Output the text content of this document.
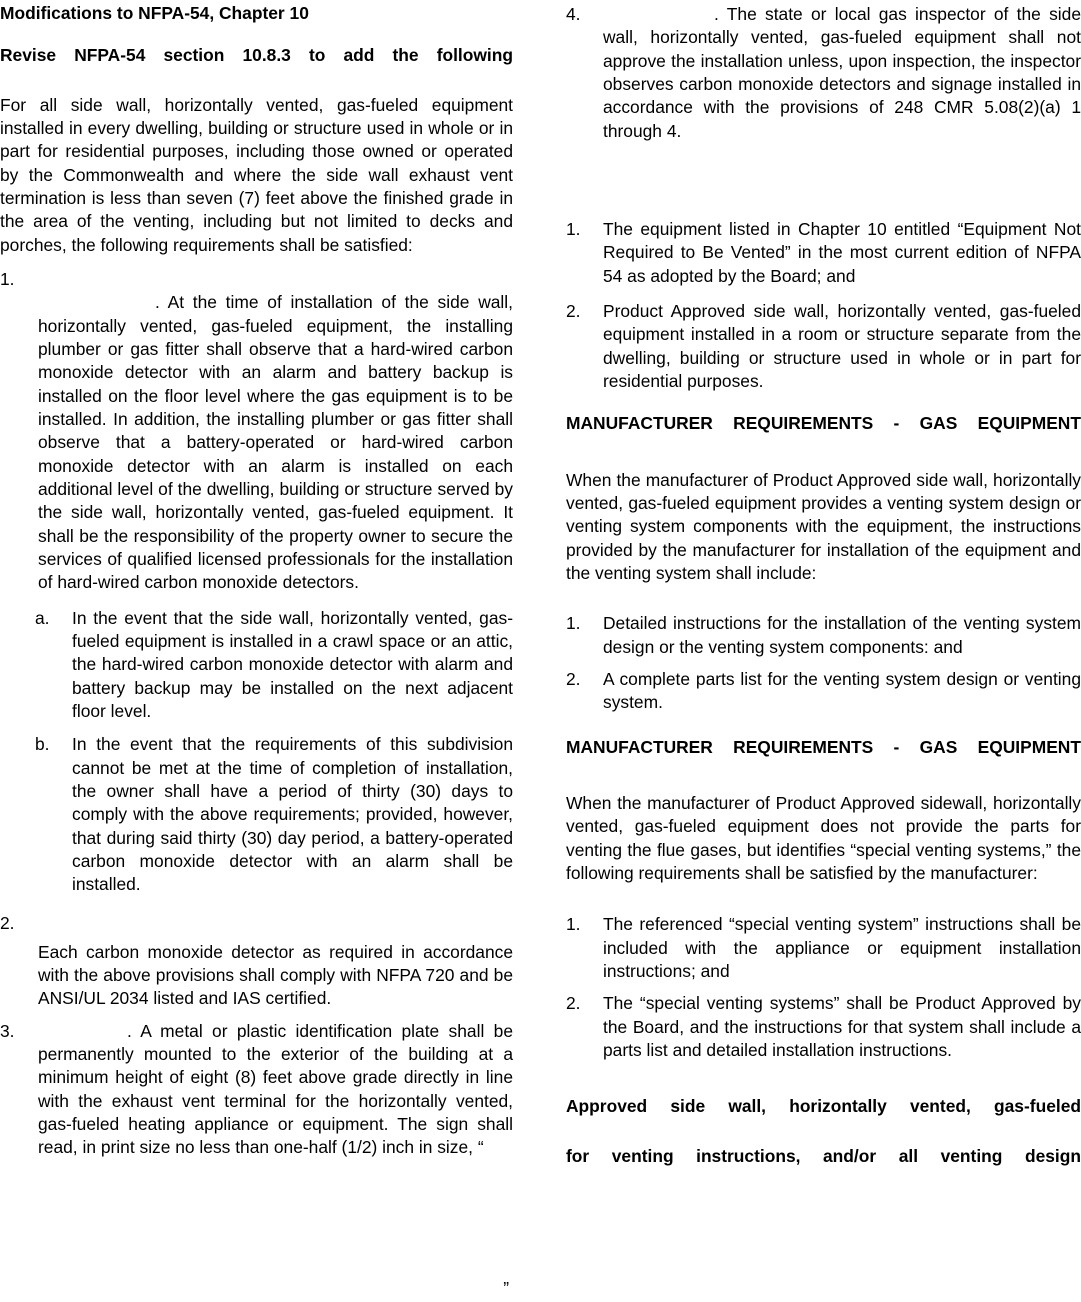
Modifications to NFPA-54, Chapter 10
Revise NFPA-54 section 10.8.3 to add the following

For all side wall, horizontally vented, gas-fueled equipment installed in every dwelling, building or structure used in whole or in part for residential purposes, including those owned or operated by the Commonwealth and where the side wall exhaust vent termination is less than seven (7) feet above the finished grade in the area of the venting, including but not limited to decks and porches, the following requirements shall be satisfied:

1.

. At the time of installation of the side wall, horizontally vented, gas-fueled equipment, the installing plumber or gas fitter shall observe that a hard-wired carbon monoxide detector with an alarm and battery backup is installed on the floor level where the gas equipment is to be installed. In addition, the installing plumber or gas fitter shall observe that a battery-operated or hard-wired carbon monoxide detector with an alarm is installed on each additional level of the dwelling, building or structure served by the side wall, horizontally vented, gas-fueled equipment. It shall be the responsibility of the property owner to secure the services of qualified licensed professionals for the installation of hard-wired carbon monoxide detectors.

a. In the event that the side wall, horizontally vented, gas-fueled equipment is installed in a crawl space or an attic, the hard-wired carbon monoxide detector with alarm and battery backup may be installed on the next adjacent floor level.

b. In the event that the requirements of this subdivision cannot be met at the time of completion of installation, the owner shall have a period of thirty (30) days to comply with the above requirements; provided, however, that during said thirty (30) day period, a battery-operated carbon monoxide detector with an alarm shall be installed.

2.

Each carbon monoxide detector as required in accordance with the above provisions shall comply with NFPA 720 and be ANSI/UL 2034 listed and IAS certified.

3.	. A metal or plastic identification plate shall be permanently mounted to the exterior of the building at a minimum height of eight (8) feet above grade directly in line with the exhaust vent terminal for the horizontally vented, gas-fueled heating appliance or equipment. The sign shall read, in print size no less than one-half (1/2) inch in size, “

”
4.	. The state or local gas inspector of the side wall, horizontally vented, gas-fueled equipment shall not approve the installation unless, upon inspection, the inspector observes carbon monoxide detectors and signage installed in accordance with the provisions of 248 CMR 5.08(2)(a) 1 through 4.

1. The equipment listed in Chapter 10 entitled “Equipment Not Required to Be Vented” in the most current edition of NFPA 54 as adopted by the Board; and

2. Product Approved side wall, horizontally vented, gas-fueled equipment installed in a room or structure separate from the dwelling, building or structure used in whole or in part for residential purposes.

MANUFACTURER REQUIREMENTS - GAS EQUIPMENT

When the manufacturer of Product Approved side wall, horizontally vented, gas-fueled equipment provides a venting system design or venting system components with the equipment, the instructions provided by the manufacturer for installation of the equipment and the venting system shall include:

1. Detailed instructions for the installation of the venting system design or the venting system components: and

2. A complete parts list for the venting system design or venting system.

MANUFACTURER REQUIREMENTS - GAS EQUIPMENT

When the manufacturer of Product Approved sidewall, horizontally vented, gas-fueled equipment does not provide the parts for venting the flue gases, but identifies “special venting systems,” the following requirements shall be satisfied by the manufacturer:

1. The referenced “special venting system” instructions shall be included with the appliance or equipment installation instructions; and

2. The “special venting systems” shall be Product Approved by the Board, and the instructions for that system shall include a parts list and detailed installation instructions.

Approved side wall, horizontally vented, gas-fueled

for venting instructions, and/or all venting design
